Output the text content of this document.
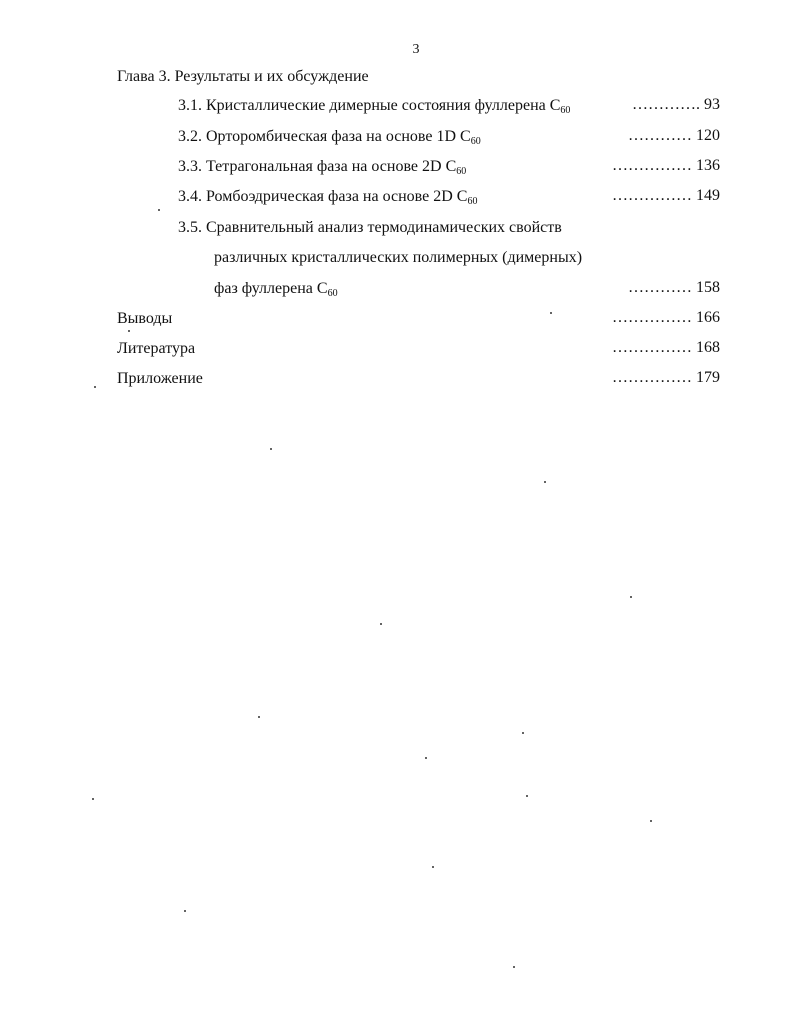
3
Глава 3. Результаты и их обсуждение
3.1. Кристаллические димерные состояния фуллерена $C_{60}$	…………. 93
3.2. Орторомбическая фаза на основе 1D $C_{60}$	………… 120
3.3. Тетрагональная фаза на основе 2D $C_{60}$	…………… 136
3.4. Ромбоэдрическая фаза на основе 2D $C_{60}$	…………… 149
3.5. Сравнительный анализ термодинамических свойств
различных кристаллических полимерных (димерных)
фаз фуллерена $C_{60}$	………… 158
Выводы	…………… 166
Литература	…………… 168
Приложение	…………… 179
